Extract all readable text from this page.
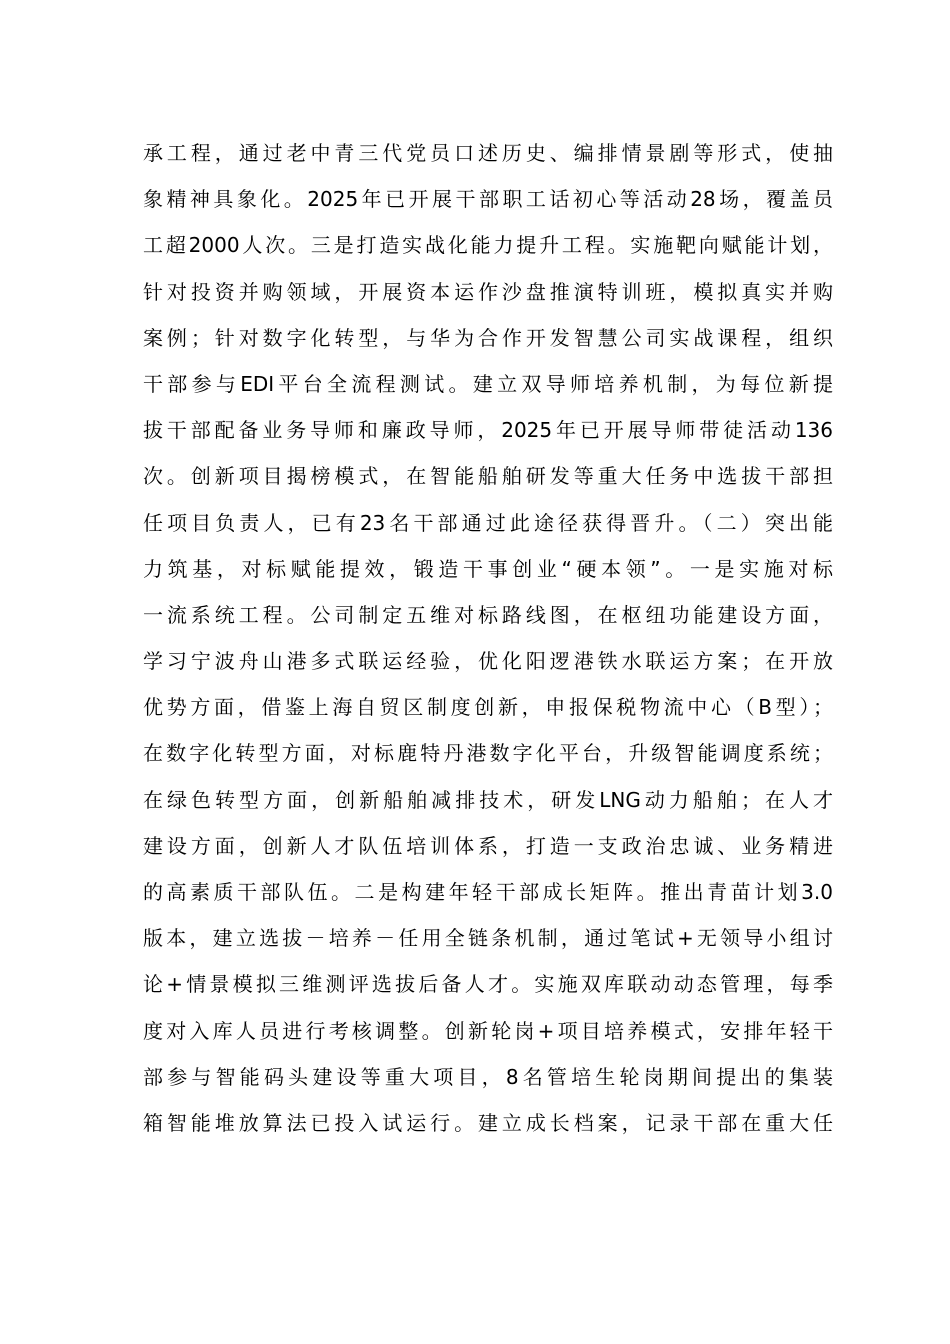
承工程，通过老中青三代党员口述历史、编排情景剧等形式，使抽
象精神具象化。2025年已开展干部职工话初心等活动28场，覆盖员
工超2000人次。三是打造实战化能力提升工程。实施靶向赋能计划，
针对投资并购领域，开展资本运作沙盘推演特训班，模拟真实并购
案例；针对数字化转型，与华为合作开发智慧公司实战课程，组织
干部参与EDI平台全流程测试。建立双导师培养机制，为每位新提
拔干部配备业务导师和廉政导师，2025年已开展导师带徒活动136
次。创新项目揭榜模式，在智能船舶研发等重大任务中选拔干部担
任项目负责人，已有23名干部通过此途径获得晋升。（二）突出能
力筑基，对标赋能提效，锻造干事创业“硬本领”。一是实施对标
一流系统工程。公司制定五维对标路线图，在枢纽功能建设方面，
学习宁波舟山港多式联运经验，优化阳逻港铁水联运方案；在开放
优势方面，借鉴上海自贸区制度创新，申报保税物流中心（B型）；
在数字化转型方面，对标鹿特丹港数字化平台，升级智能调度系统；
在绿色转型方面，创新船舶减排技术，研发LNG动力船舶；在人才
建设方面，创新人才队伍培训体系，打造一支政治忠诚、业务精进
的高素质干部队伍。二是构建年轻干部成长矩阵。推出青苗计划3.0
版本，建立选拔－培养－任用全链条机制，通过笔试+无领导小组讨
论+情景模拟三维测评选拔后备人才。实施双库联动动态管理，每季
度对入库人员进行考核调整。创新轮岗+项目培养模式，安排年轻干
部参与智能码头建设等重大项目，8名管培生轮岗期间提出的集装
箱智能堆放算法已投入试运行。建立成长档案，记录干部在重大任
